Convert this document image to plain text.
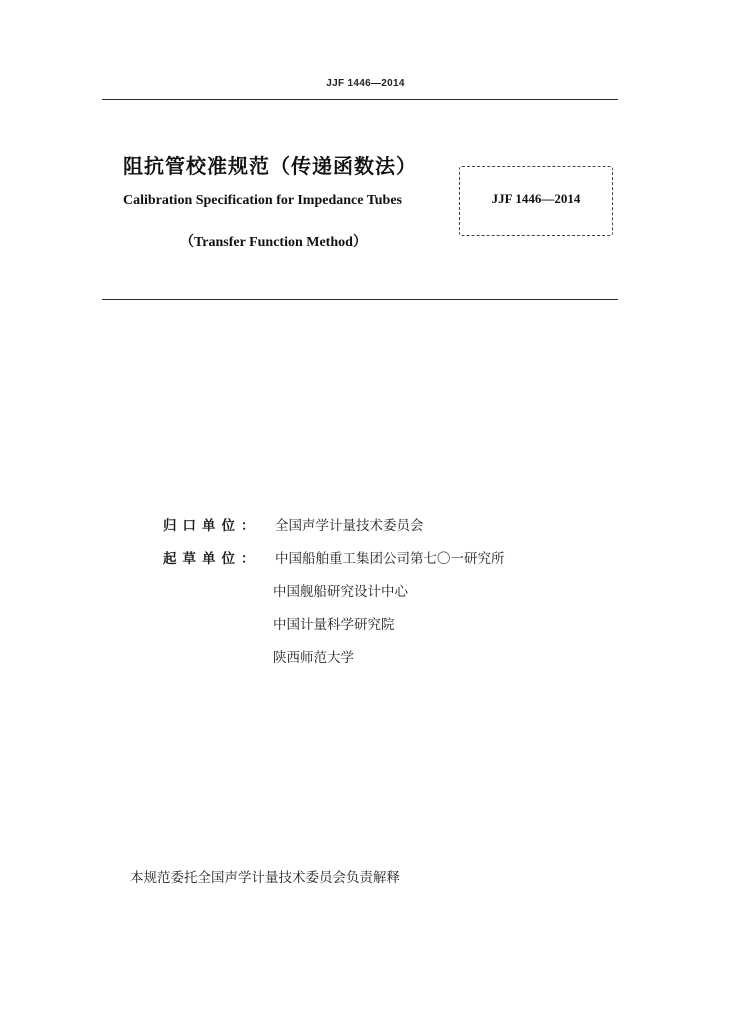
JJF 1446—2014
阻抗管校准规范（传递函数法）
Calibration Specification for Impedance Tubes
（Transfer Function Method）
JJF 1446—2014
归口单位： 全国声学计量技术委员会
起草单位： 中国船舶重工集团公司第七〇一研究所
中国舰船研究设计中心
中国计量科学研究院
陕西师范大学
本规范委托全国声学计量技术委员会负责解释
